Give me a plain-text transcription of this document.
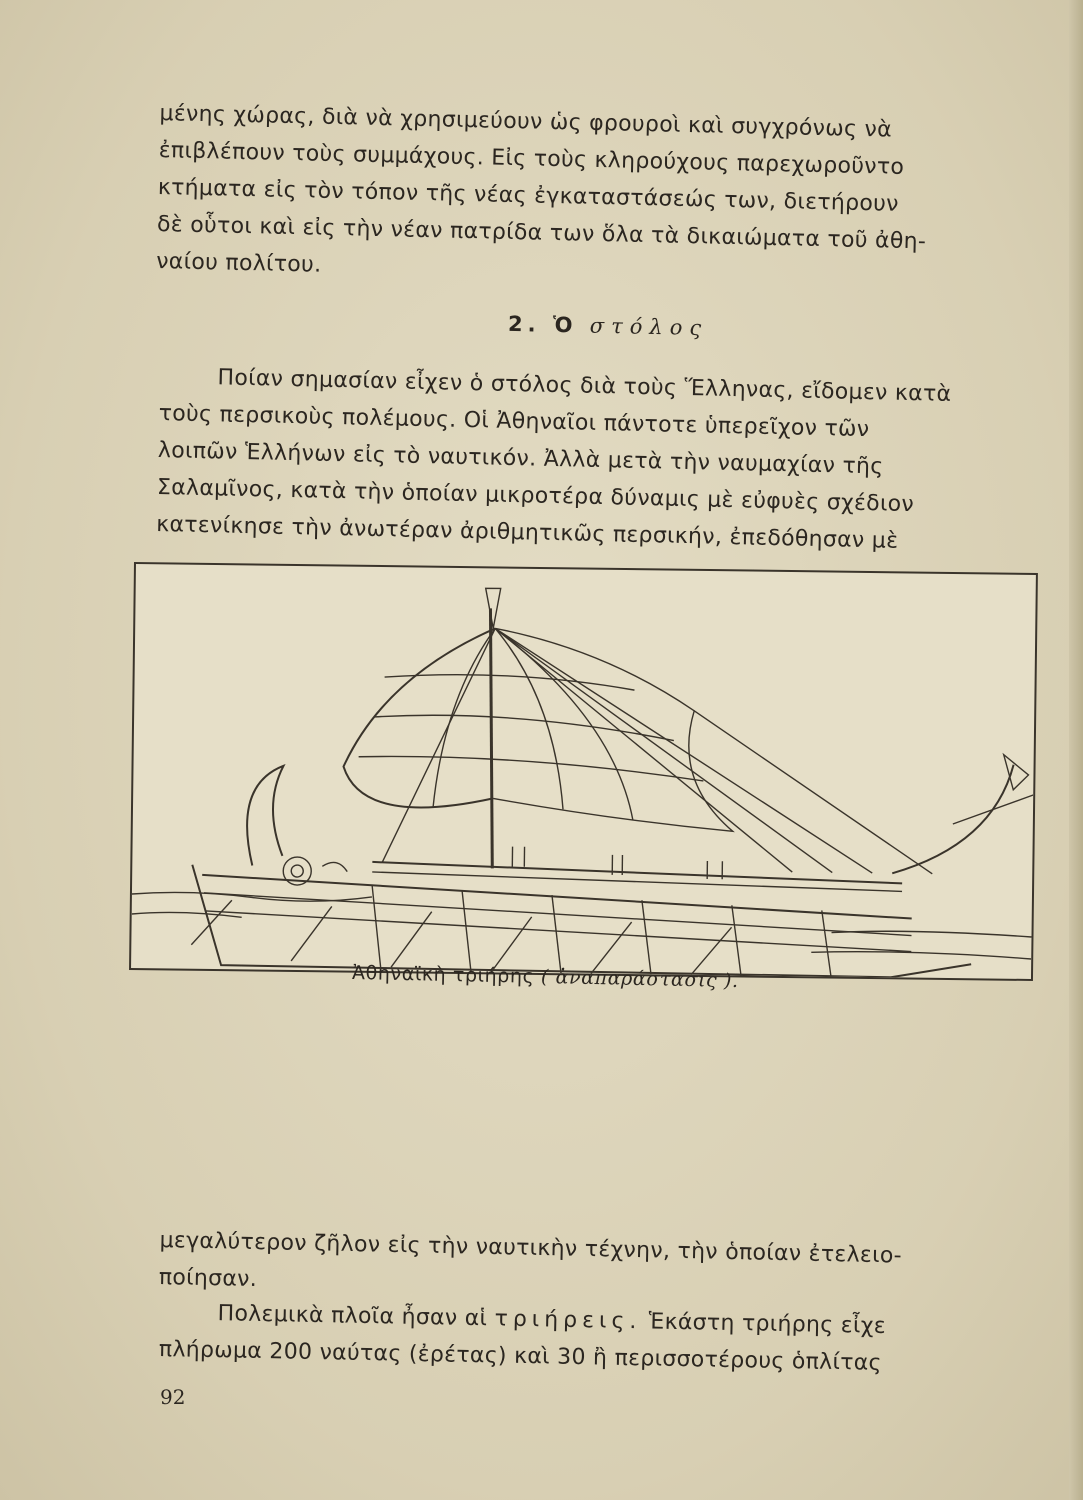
μένης χώρας, διὰ νὰ χρησιμεύουν ὡς φρουροὶ καὶ συγχρόνως νὰ
ἐπιβλέπουν τοὺς συμμάχους. Εἰς τοὺς κληρούχους παρεχωροῦντο
κτήματα εἰς τὸν τόπον τῆς νέας ἐγκαταστάσεώς των, διετήρουν
δὲ οὗτοι καὶ εἰς τὴν νέαν πατρίδα των ὅλα τὰ δικαιώματα τοῦ ἀθη-
ναίου πολίτου.
2. Ὁ στόλος
Ποίαν σημασίαν εἶχεν ὁ στόλος διὰ τοὺς Ἕλληνας, εἴδομεν κατὰ
τοὺς περσικοὺς πολέμους. Οἱ Ἀθηναῖοι πάντοτε ὑπερεῖχον τῶν
λοιπῶν Ἑλλήνων εἰς τὸ ναυτικόν. Ἀλλὰ μετὰ τὴν ναυμαχίαν τῆς
Σαλαμῖνος, κατὰ τὴν ὁποίαν μικροτέρα δύναμις μὲ εὐφυὲς σχέδιον
κατενίκησε τὴν ἀνωτέραν ἀριθμητικῶς περσικήν, ἐπεδόθησαν μὲ
Ἀθηναϊκὴ τριήρης ( ἀναπαράστασις ).
μεγαλύτερον ζῆλον εἰς τὴν ναυτικὴν τέχνην, τὴν ὁποίαν ἐτελειο-
ποίησαν.
Πολεμικὰ πλοῖα ἦσαν αἱ τριήρεις. Ἑκάστη τριήρης εἶχε
πλήρωμα 200 ναύτας (ἐρέτας) καὶ 30 ἢ περισσοτέρους ὁπλίτας
92
